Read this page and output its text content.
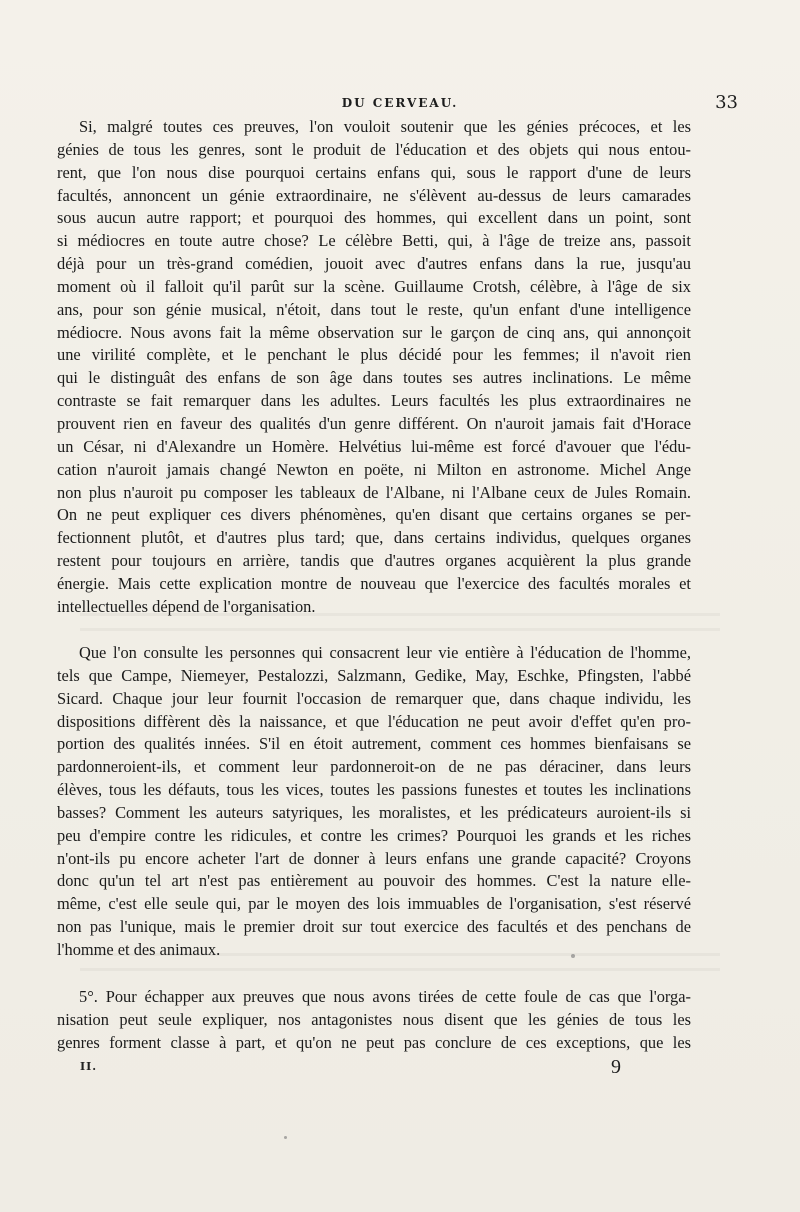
DU CERVEAU.	33
Si, malgré toutes ces preuves, l'on vouloit soutenir que les génies précoces, et les
génies de tous les genres, sont le produit de l'éducation et des objets qui nous entou-
rent, que l'on nous dise pourquoi certains enfans qui, sous le rapport d'une de leurs
facultés, annoncent un génie extraordinaire, ne s'élèvent au-dessus de leurs camarades
sous aucun autre rapport; et pourquoi des hommes, qui excellent dans un point, sont
si médiocres en toute autre chose? Le célèbre Betti, qui, à l'âge de treize ans, passoit
déjà pour un très-grand comédien, jouoit avec d'autres enfans dans la rue, jusqu'au
moment où il falloit qu'il parût sur la scène. Guillaume Crotsh, célèbre, à l'âge de six
ans, pour son génie musical, n'étoit, dans tout le reste, qu'un enfant d'une intelligence
médiocre. Nous avons fait la même observation sur le garçon de cinq ans, qui annonçoit
une virilité complète, et le penchant le plus décidé pour les femmes; il n'avoit rien
qui le distinguât des enfans de son âge dans toutes ses autres inclinations. Le même
contraste se fait remarquer dans les adultes. Leurs facultés les plus extraordinaires ne
prouvent rien en faveur des qualités d'un genre différent. On n'auroit jamais fait d'Horace
un César, ni d'Alexandre un Homère. Helvétius lui-même est forcé d'avouer que l'édu-
cation n'auroit jamais changé Newton en poëte, ni Milton en astronome. Michel Ange
non plus n'auroit pu composer les tableaux de l'Albane, ni l'Albane ceux de Jules Romain.
On ne peut expliquer ces divers phénomènes, qu'en disant que certains organes se per-
fectionnent plutôt, et d'autres plus tard; que, dans certains individus, quelques organes
restent pour toujours en arrière, tandis que d'autres organes acquièrent la plus grande
énergie. Mais cette explication montre de nouveau que l'exercice des facultés morales et
intellectuelles dépend de l'organisation.
Que l'on consulte les personnes qui consacrent leur vie entière à l'éducation de l'homme,
tels que Campe, Niemeyer, Pestalozzi, Salzmann, Gedike, May, Eschke, Pfingsten, l'abbé
Sicard. Chaque jour leur fournit l'occasion de remarquer que, dans chaque individu, les
dispositions diffèrent dès la naissance, et que l'éducation ne peut avoir d'effet qu'en pro-
portion des qualités innées. S'il en étoit autrement, comment ces hommes bienfaisans se
pardonneroient-ils, et comment leur pardonneroit-on de ne pas déraciner, dans leurs
élèves, tous les défauts, tous les vices, toutes les passions funestes et toutes les inclinations
basses? Comment les auteurs satyriques, les moralistes, et les prédicateurs auroient-ils si
peu d'empire contre les ridicules, et contre les crimes? Pourquoi les grands et les riches
n'ont-ils pu encore acheter l'art de donner à leurs enfans une grande capacité? Croyons
donc qu'un tel art n'est pas entièrement au pouvoir des hommes. C'est la nature elle-
même, c'est elle seule qui, par le moyen des lois immuables de l'organisation, s'est réservé
non pas l'unique, mais le premier droit sur tout exercice des facultés et des penchans de
l'homme et des animaux.
5°. Pour échapper aux preuves que nous avons tirées de cette foule de cas que l'orga-
nisation peut seule expliquer, nos antagonistes nous disent que les génies de tous les
genres forment classe à part, et qu'on ne peut pas conclure de ces exceptions, que les
II.	9
